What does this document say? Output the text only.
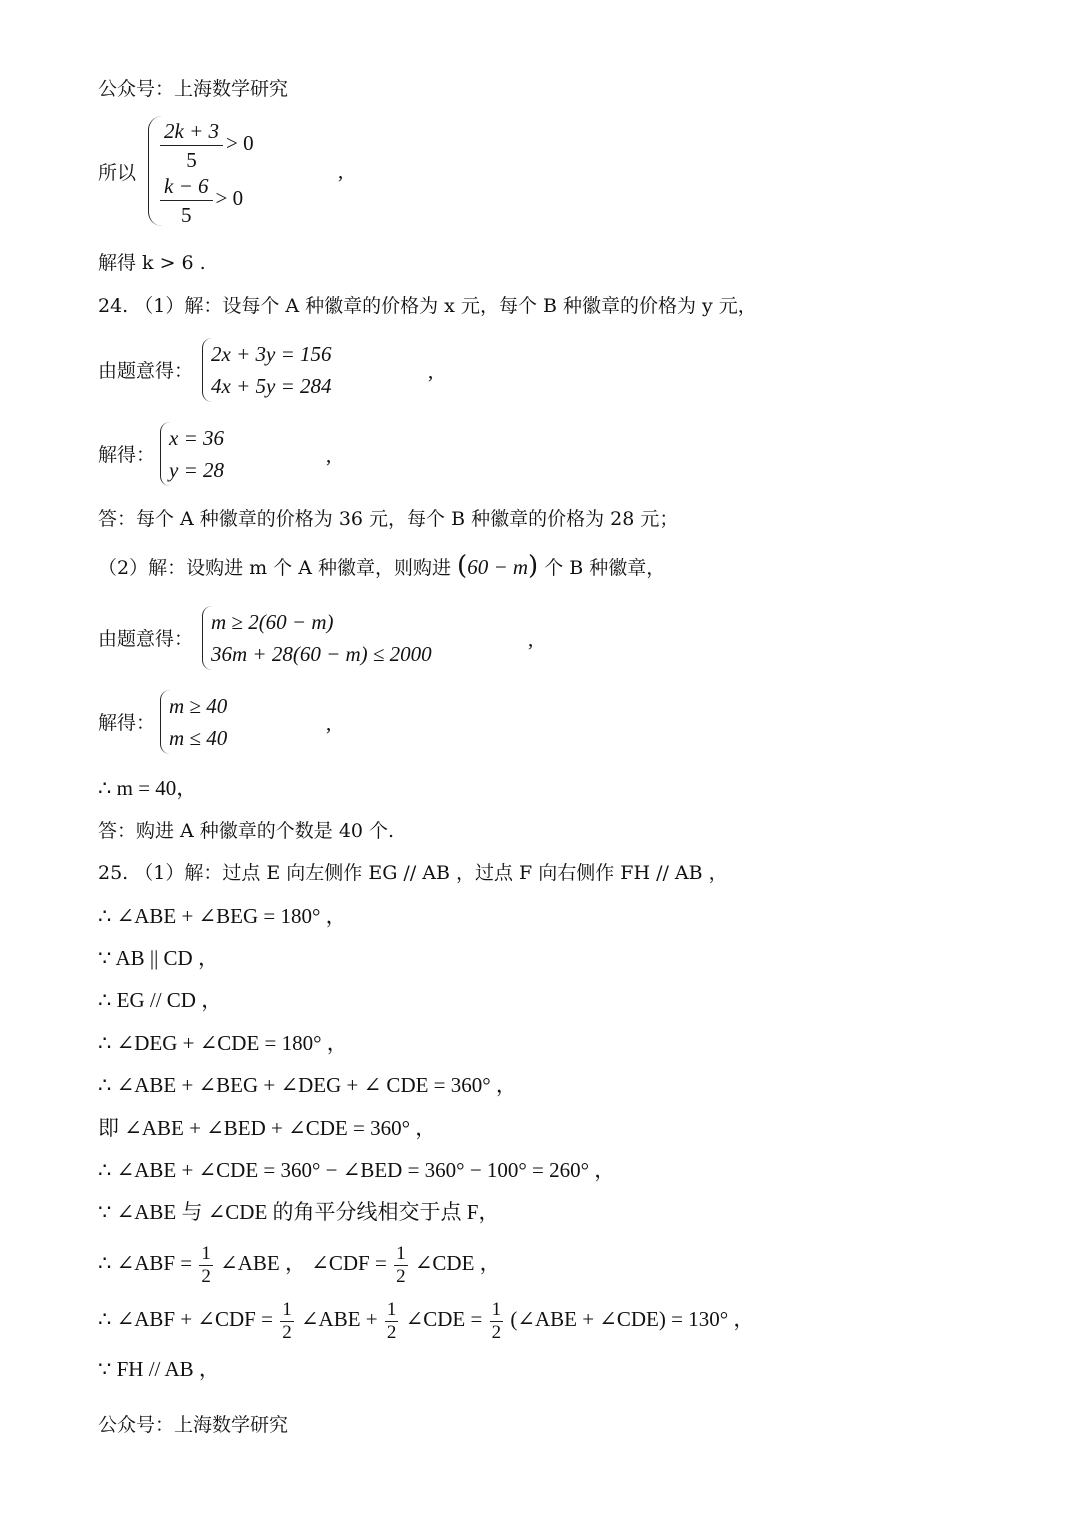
公众号：上海数学研究
所以 $\frac{2k + 3}{5} > 0$
$\frac{k - 6}{5} > 0$
,
解得 k > 6 .
24. （1）解：设每个 A 种徽章的价格为 x 元，每个 B 种徽章的价格为 y 元，
由题意得：
2x + 3y = 156
4x + 5y = 284
,
解得：
x = 36
y = 28
,
答：每个 A 种徽章的价格为 36 元，每个 B 种徽章的价格为 28 元；
（2）解：设购进 m 个 A 种徽章，则购进 (60 − m) 个 B 种徽章，
由题意得：
m ≥ 2(60 − m)
36m + 28(60 − m) ≤ 2000
,
解得：
m ≥ 40
m ≤ 40
,
∴ m = 40，
答：购进 A 种徽章的个数是 40 个.
25. （1）解：过点 E 向左侧作 EG // AB ，过点 F 向右侧作 FH // AB ，
∴ ∠ABE + ∠BEG = 180° ，
∵ AB || CD ，
∴ EG // CD ，
∴ ∠DEG + ∠CDE = 180° ，
∴ ∠ABE + ∠BEG + ∠DEG + ∠ CDE = 360° ，
即 ∠ABE + ∠BED + ∠CDE = 360° ，
∴ ∠ABE + ∠CDE = 360° − ∠BED = 360° − 100° = 260° ，
∵ ∠ABE 与 ∠CDE 的角平分线相交于点 F，
∴ ∠ABF = $\frac{1}{2}$ ∠ABE ， ∠CDF = $\frac{1}{2}$ ∠CDE ，
∴ ∠ABF + ∠CDF = $\frac{1}{2}$ ∠ABE + $\frac{1}{2}$ ∠CDE = $\frac{1}{2}$ (∠ABE + ∠CDE) = 130° ，
∵ FH // AB ，
公众号：上海数学研究
